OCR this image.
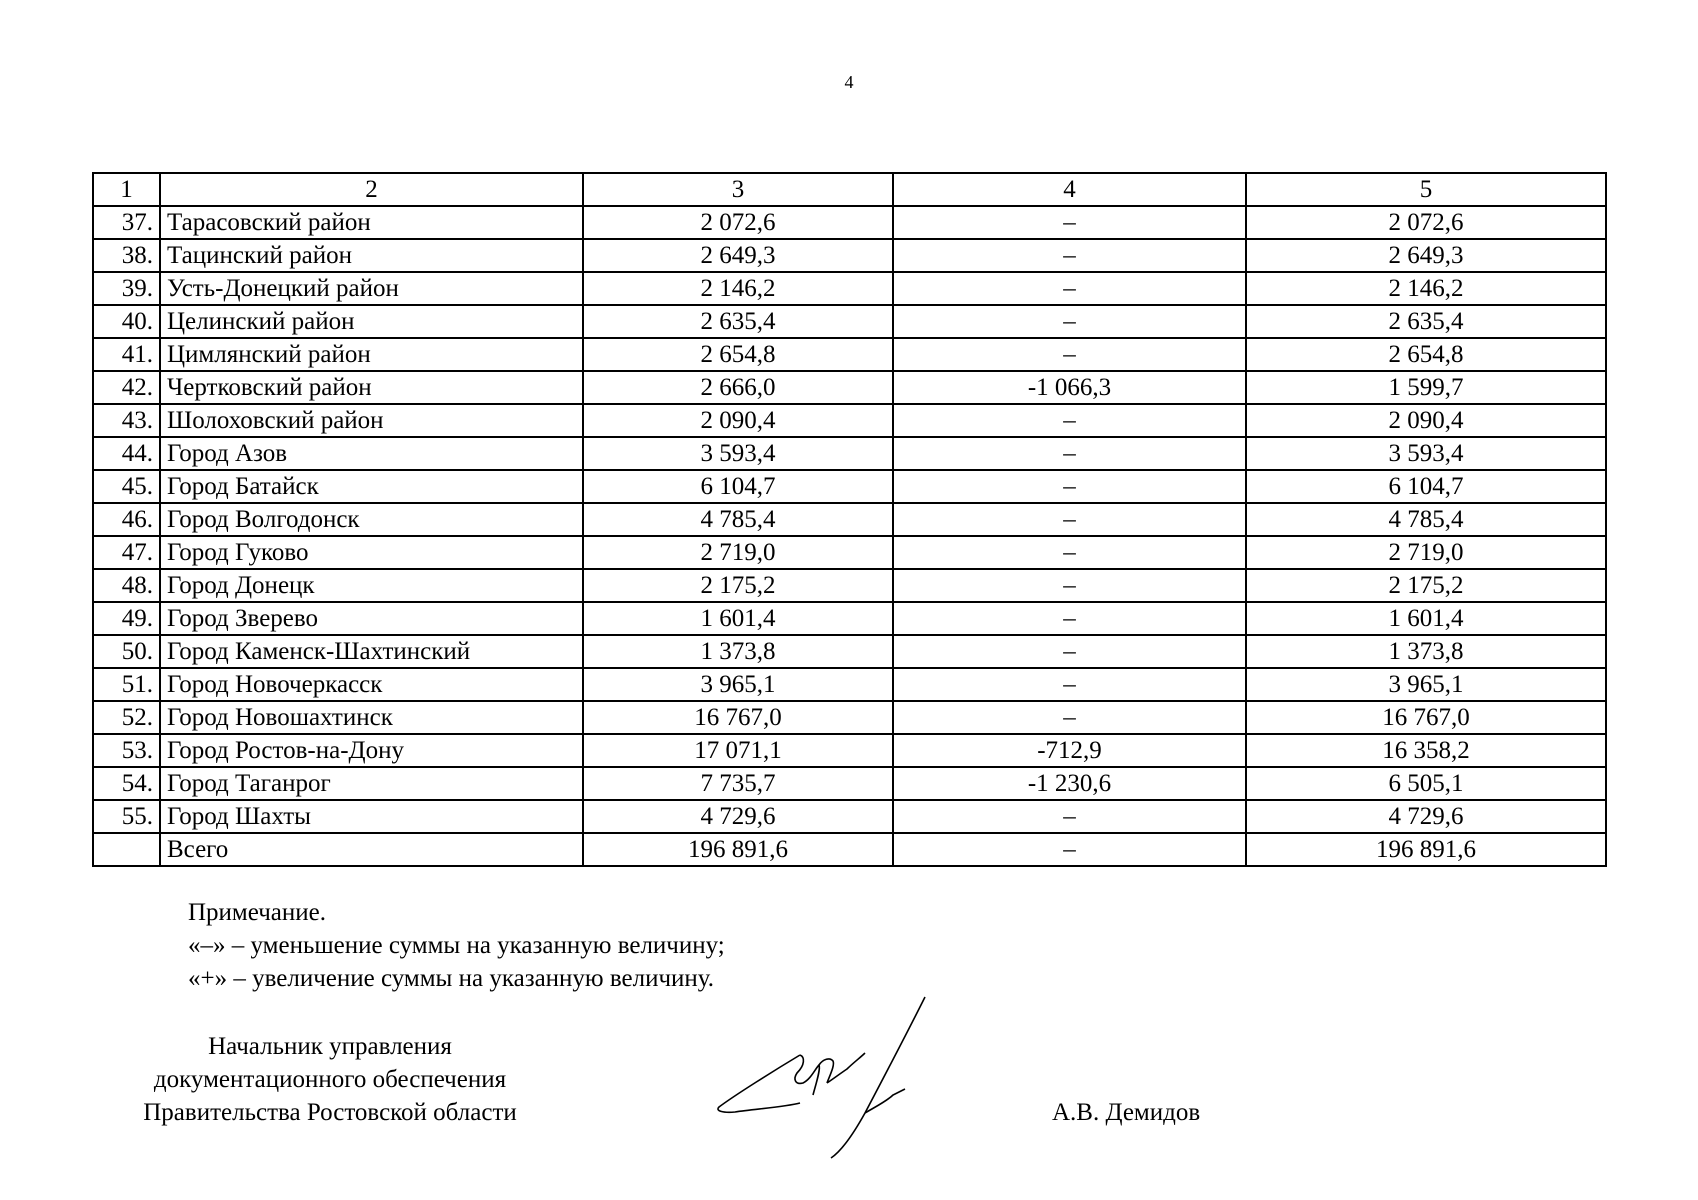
4
1	2	3	4	5
37.	Тарасовский район	2 072,6	–	2 072,6
38.	Тацинский район	2 649,3	–	2 649,3
39.	Усть-Донецкий район	2 146,2	–	2 146,2
40.	Целинский район	2 635,4	–	2 635,4
41.	Цимлянский район	2 654,8	–	2 654,8
42.	Чертковский район	2 666,0	-1 066,3	1 599,7
43.	Шолоховский район	2 090,4	–	2 090,4
44.	Город Азов	3 593,4	–	3 593,4
45.	Город Батайск	6 104,7	–	6 104,7
46.	Город Волгодонск	4 785,4	–	4 785,4
47.	Город Гуково	2 719,0	–	2 719,0
48.	Город Донецк	2 175,2	–	2 175,2
49.	Город Зверево	1 601,4	–	1 601,4
50.	Город Каменск-Шахтинский	1 373,8	–	1 373,8
51.	Город Новочеркасск	3 965,1	–	3 965,1
52.	Город Новошахтинск	16 767,0	–	16 767,0
53.	Город Ростов-на-Дону	17 071,1	-712,9	16 358,2
54.	Город Таганрог	7 735,7	-1 230,6	6 505,1
55.	Город Шахты	4 729,6	–	4 729,6
	Всего	196 891,6	–	196 891,6
Примечание.
«–» – уменьшение суммы на указанную величину;
«+» – увеличение суммы на указанную величину.
Начальник управления
документационного обеспечения
Правительства Ростовской области	А.В. Демидов
